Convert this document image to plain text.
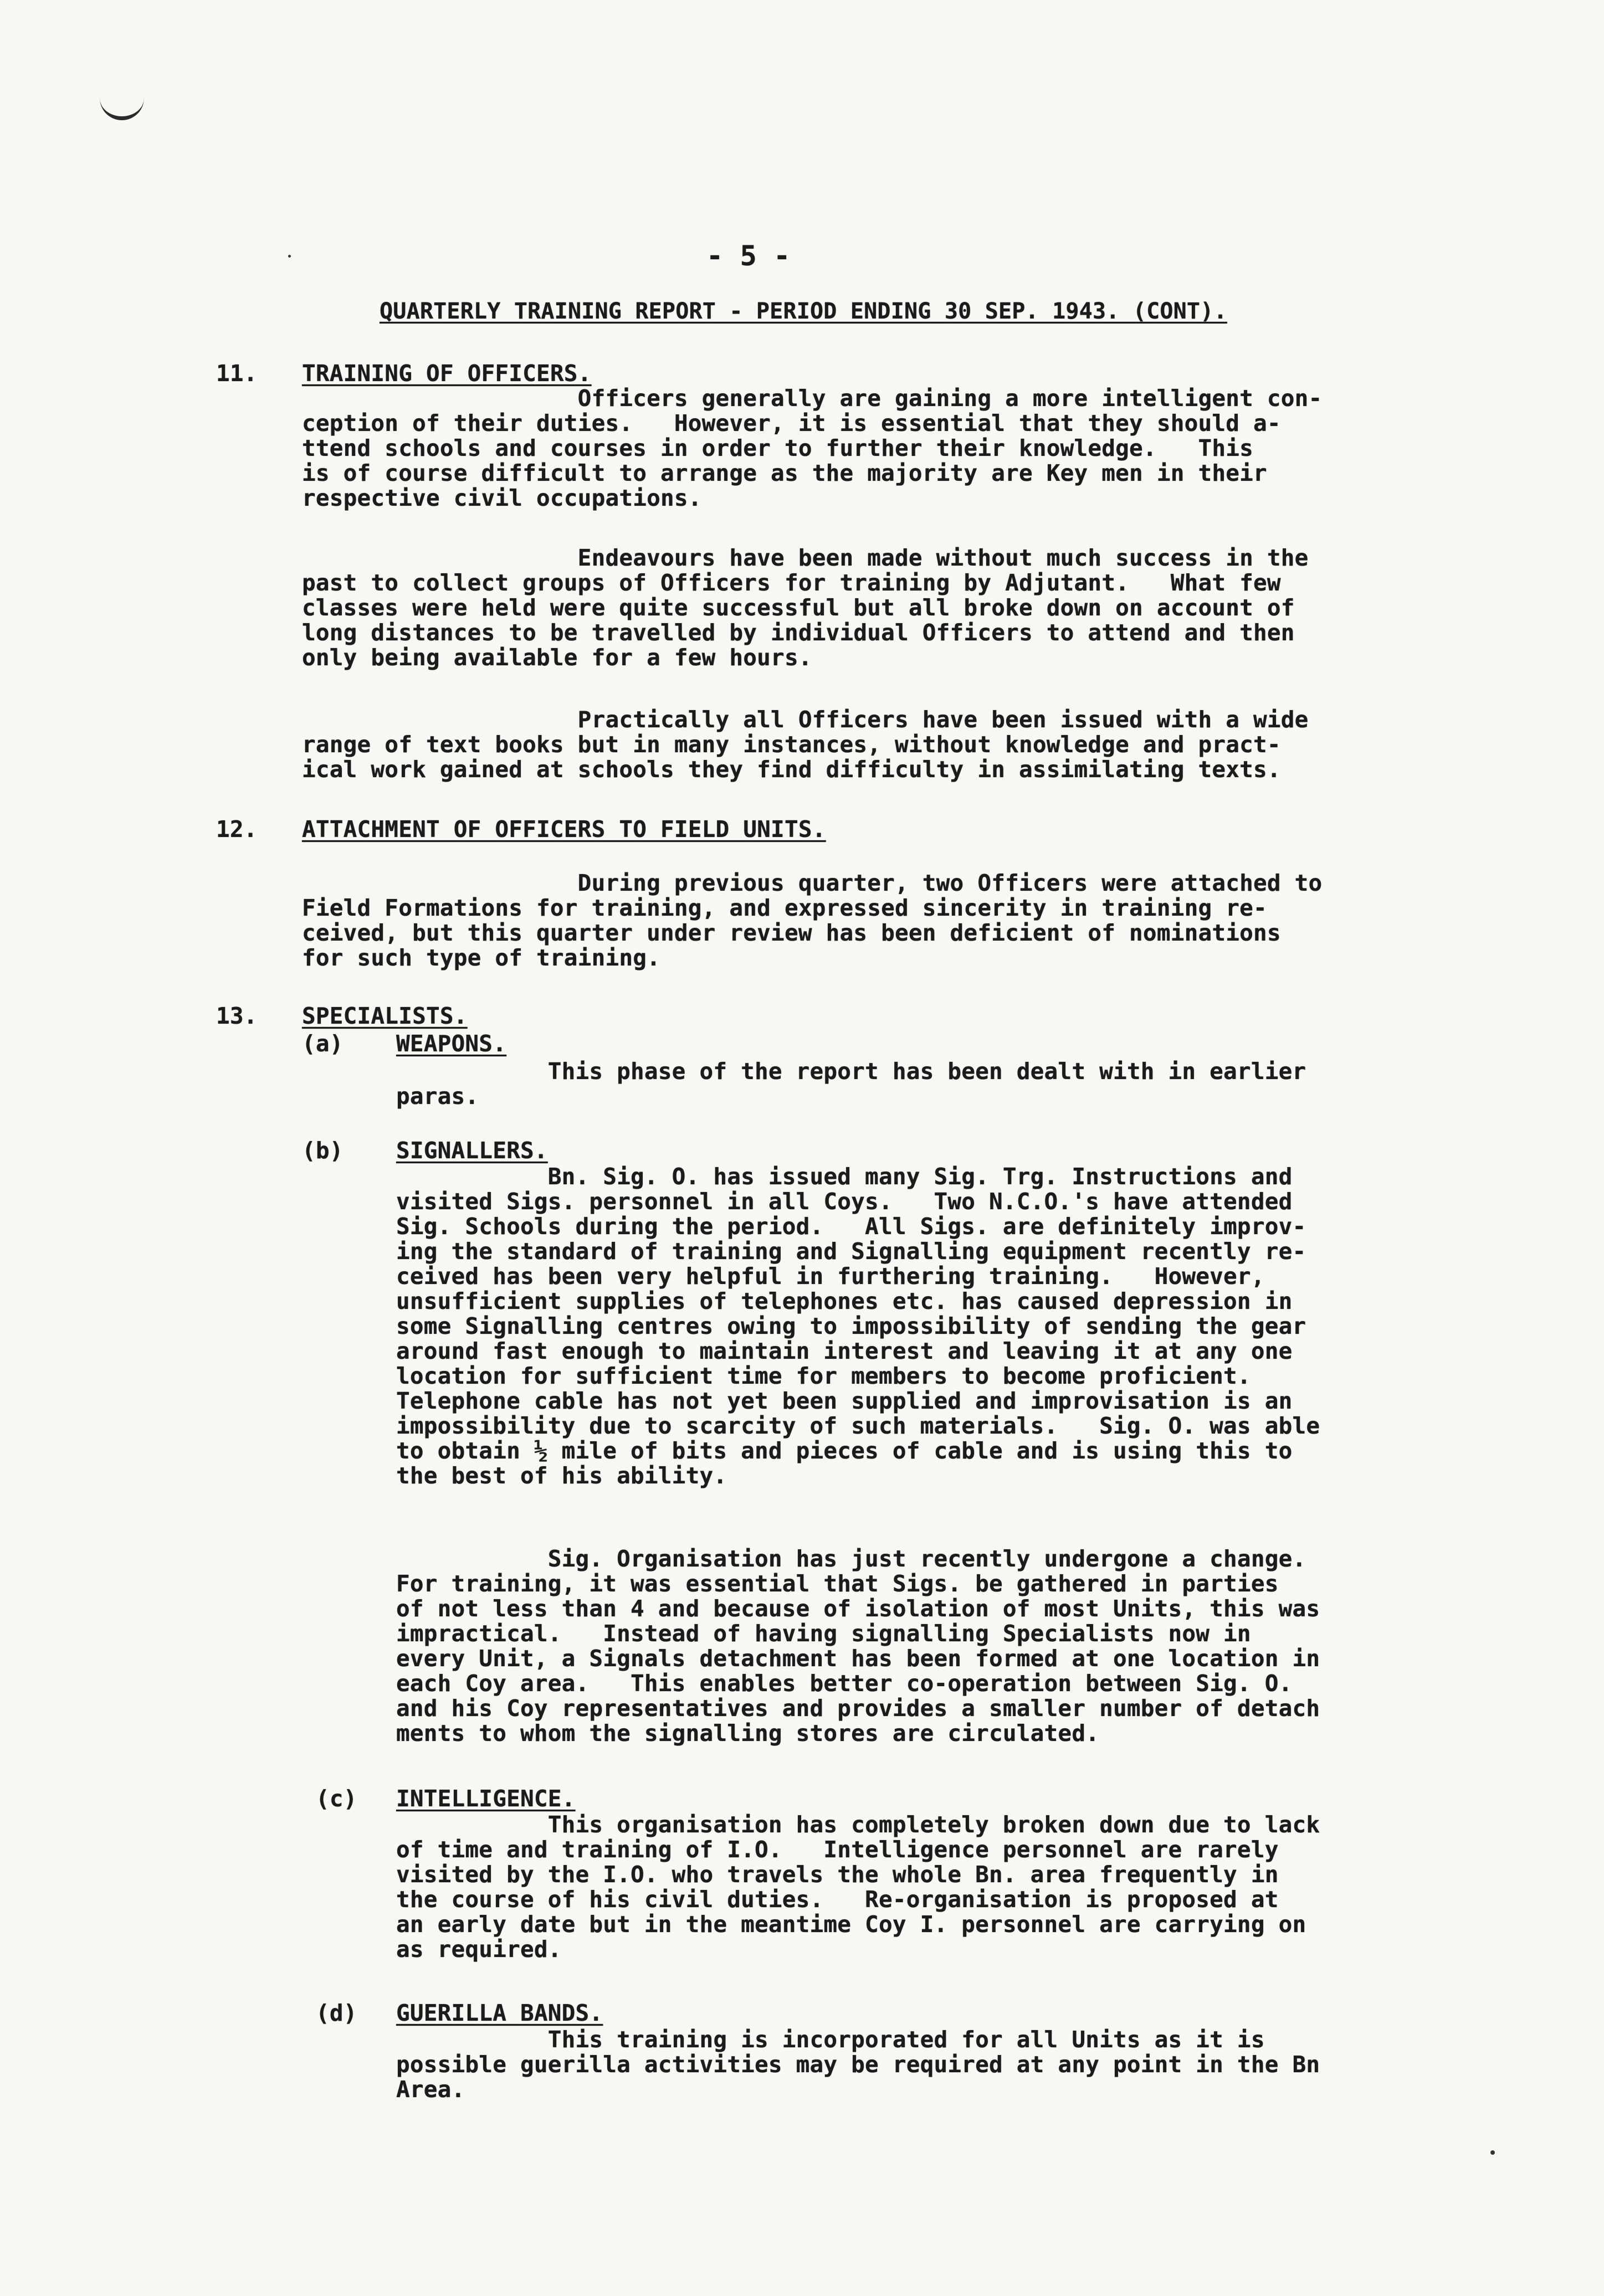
- 5 -
QUARTERLY TRAINING REPORT - PERIOD ENDING 30 SEP. 1943. (CONT).
11. TRAINING OF OFFICERS.
Officers generally are gaining a more intelligent con-
ception of their duties.   However, it is essential that they should a-
ttend schools and courses in order to further their knowledge.   This
is of course difficult to arrange as the majority are Key men in their
respective civil occupations.
Endeavours have been made without much success in the
past to collect groups of Officers for training by Adjutant.   What few
classes were held were quite successful but all broke down on account of
long distances to be travelled by individual Officers to attend and then
only being available for a few hours.
Practically all Officers have been issued with a wide
range of text books but in many instances, without knowledge and pract-
ical work gained at schools they find difficulty in assimilating texts.
12. ATTACHMENT OF OFFICERS TO FIELD UNITS.
During previous quarter, two Officers were attached to
Field Formations for training, and expressed sincerity in training re-
ceived, but this quarter under review has been deficient of nominations
for such type of training.
13. SPECIALISTS.
(a) WEAPONS.
This phase of the report has been dealt with in earlier
paras.
(b) SIGNALLERS.
Bn. Sig. O. has issued many Sig. Trg. Instructions and
visited Sigs. personnel in all Coys.   Two N.C.O.'s have attended
Sig. Schools during the period.   All Sigs. are definitely improv-
ing the standard of training and Signalling equipment recently re-
ceived has been very helpful in furthering training.   However,
unsufficient supplies of telephones etc. has caused depression in
some Signalling centres owing to impossibility of sending the gear
around fast enough to maintain interest and leaving it at any one
location for sufficient time for members to become proficient.
Telephone cable has not yet been supplied and improvisation is an
impossibility due to scarcity of such materials.   Sig. O. was able
to obtain ½ mile of bits and pieces of cable and is using this to
the best of his ability.
Sig. Organisation has just recently undergone a change.
For training, it was essential that Sigs. be gathered in parties
of not less than 4 and because of isolation of most Units, this was
impractical.   Instead of having signalling Specialists now in
every Unit, a Signals detachment has been formed at one location in
each Coy area.   This enables better co-operation between Sig. O.
and his Coy representatives and provides a smaller number of detach
ments to whom the signalling stores are circulated.
(c) INTELLIGENCE.
This organisation has completely broken down due to lack
of time and training of I.O.   Intelligence personnel are rarely
visited by the I.O. who travels the whole Bn. area frequently in
the course of his civil duties.   Re-organisation is proposed at
an early date but in the meantime Coy I. personnel are carrying on
as required.
(d) GUERILLA BANDS.
This training is incorporated for all Units as it is
possible guerilla activities may be required at any point in the Bn
Area.
